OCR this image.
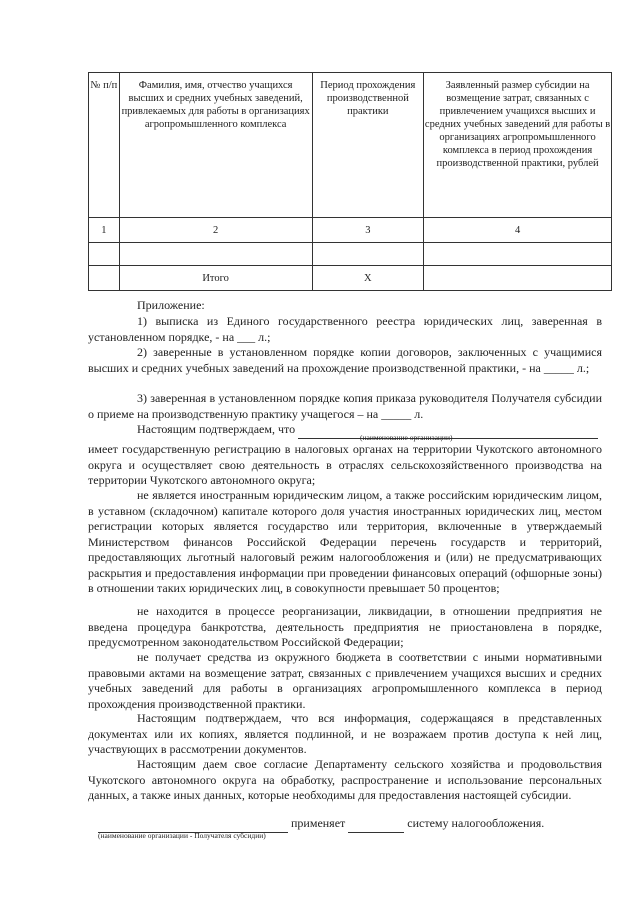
№ п/п	Фамилия, имя, отчество учащихся высших и средних учебных заведений, привлекаемых для работы в организациях агропромышленного комплекса	Период прохождения производственной практики	Заявленный размер субсидии на возмещение затрат, связанных с привлечением учащихся высших и средних учебных заведений для работы в организациях агропромышленного комплекса в период прохождения производственной практики, рублей
1	2	3	4

	Итого	Х	

Приложение:

1) выписка из Единого государственного реестра юридических лиц, заверенная в установленном порядке, - на ___ л.;

2) заверенные в установленном порядке копии договоров, заключенных с учащимися высших и средних учебных заведений на прохождение производственной практики, - на _____ л.;

3) заверенная в установленном порядке копия приказа руководителя Получателя субсидии о приеме на производственную практику учащегося – на _____ л.

Настоящим подтверждаем, что

(наименование организации)

имеет государственную регистрацию в налоговых органах на территории Чукотского автономного округа и осуществляет свою деятельность в отраслях сельскохозяйственного производства на территории Чукотского автономного округа;

не является иностранным юридическим лицом, а также российским юридическим лицом, в уставном (складочном) капитале которого доля участия иностранных юридических лиц, местом регистрации которых является государство или территория, включенные в утверждаемый Министерством финансов Российской Федерации перечень государств и территорий, предоставляющих льготный налоговый режим налогообложения и (или) не предусматривающих раскрытия и предоставления информации при проведении финансовых операций (офшорные зоны) в отношении таких юридических лиц, в совокупности превышает 50 процентов;

не находится в процессе реорганизации, ликвидации, в отношении предприятия не введена процедура банкротства, деятельность предприятия не приостановлена в порядке, предусмотренном законодательством Российской Федерации;

не получает средства из окружного бюджета в соответствии с иными нормативными правовыми актами на возмещение затрат, связанных с привлечением учащихся высших и средних учебных заведений для работы в организациях агропромышленного комплекса в период прохождения производственной практики.

Настоящим подтверждаем, что вся информация, содержащаяся в представленных документах или их копиях, является подлинной, и не возражаем против доступа к ней лиц, участвующих в рассмотрении документов.

Настоящим даем свое согласие Департаменту сельского хозяйства и продовольствия Чукотского автономного округа на обработку, распространение и использование персональных данных, а также иных данных, которые необходимы для предоставления настоящей субсидии.

применяет	систему налогообложения.

(наименование организации - Получателя субсидии)
